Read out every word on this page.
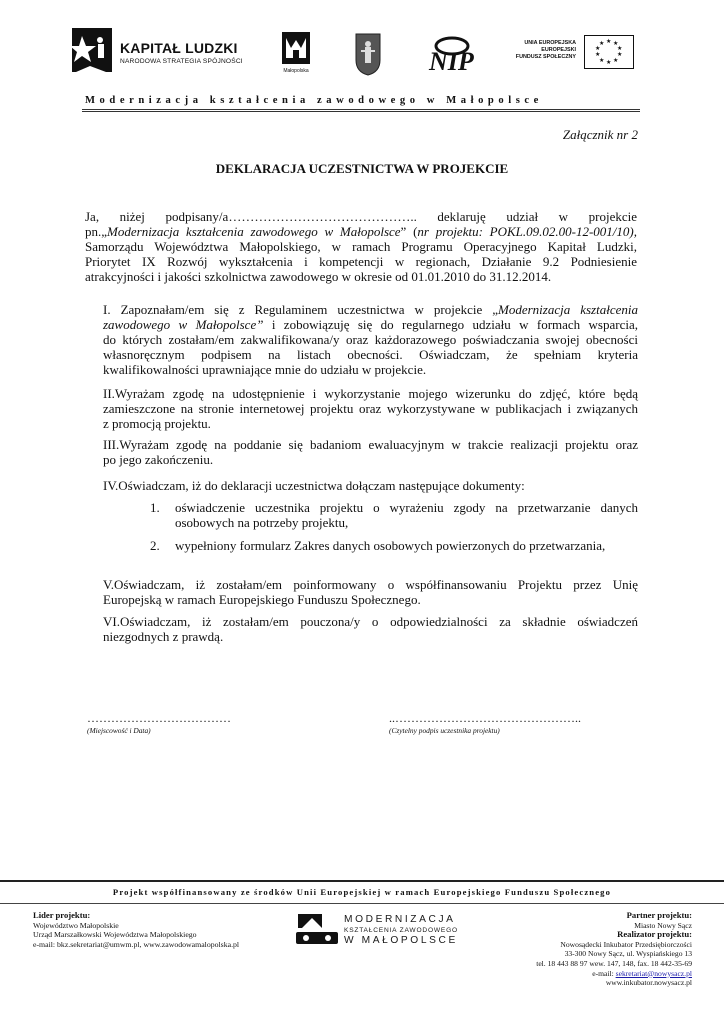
KAPITAŁ LUDZKI
NARODOWA STRATEGIA SPÓJNOŚCI
Małopolska	NIP
UNIA EUROPEJSKA
EUROPEJSKI
FUNDUSZ SPOŁECZNY
★ ★
★
★
★
★
★
★
★
★
Modernizacja kształcenia zawodowego w Małopolsce
Załącznik nr 2
DEKLARACJA UCZESTNICTWA W PROJEKCIE
Ja, niżej podpisany/a…………………………………….. deklaruję udział w projekcie
pn.„Modernizacja kształcenia zawodowego w Małopolsce” (nr projektu: POKL.09.02.00-12-001/10),
Samorządu Województwa Małopolskiego, w ramach Programu Operacyjnego Kapitał Ludzki,
Priorytet IX Rozwój wykształcenia i kompetencji w regionach, Działanie 9.2 Podniesienie
atrakcyjności i jakości szkolnictwa zawodowego w okresie od 01.01.2010 do 31.12.2014.
I. Zapoznałam/em się z Regulaminem uczestnictwa w projekcie „Modernizacja kształcenia
zawodowego w Małopolsce” i zobowiązuję się do regularnego udziału w formach wsparcia,
do których zostałam/em zakwalifikowana/y oraz każdorazowego poświadczania swojej obecności
własnoręcznym podpisem na listach obecności. Oświadczam, że spełniam kryteria
kwalifikowalności uprawniające mnie do udziału w projekcie.
II.Wyrażam zgodę na udostępnienie i wykorzystanie mojego wizerunku do zdjęć, które będą
zamieszczone na stronie internetowej projektu oraz wykorzystywane w publikacjach i związanych
z promocją projektu.
III.Wyrażam zgodę na poddanie się badaniom ewaluacyjnym w trakcie realizacji projektu oraz
po jego zakończeniu.
IV.Oświadczam, iż do deklaracji uczestnictwa dołączam następujące dokumenty:
1. oświadczenie uczestnika projektu o wyrażeniu zgody na przetwarzanie danych
osobowych na potrzeby projektu,
2. wypełniony formularz Zakres danych osobowych powierzonych do przetwarzania,
V.Oświadczam, iż zostałam/em poinformowany o współfinansowaniu Projektu przez Unię
Europejską w ramach Europejskiego Funduszu Społecznego.
VI.Oświadczam, iż zostałam/em pouczona/y o odpowiedzialności za składnie oświadczeń
niezgodnych z prawdą.
………………………………
(Miejscowość i Data)
..………………………………………..
(Czytelny podpis uczestnika projektu)
Projekt współfinansowany ze środków Unii Europejskiej w ramach Europejskiego Funduszu Społecznego
Lider projektu:
Województwo Małopolskie
Urząd Marszałkowski Województwa Małopolskiego
e-mail: bkz.sekretariat@umwm.pl, www.zawodowamalopolska.pl
MODERNIZACJA
KSZTAŁCENIA ZAWODOWEGO
W MAŁOPOLSCE
Partner projektu:
Miasto Nowy Sącz
Realizator projektu:
Nowosądecki Inkubator Przedsiębiorczości
33-300 Nowy Sącz, ul. Wyspiańskiego 13
tel. 18 443 88 97 wew. 147, 148, fax. 18 442-35-69
e-mail: sekretariat@nowysacz.pl
www.inkubator.nowysacz.pl
